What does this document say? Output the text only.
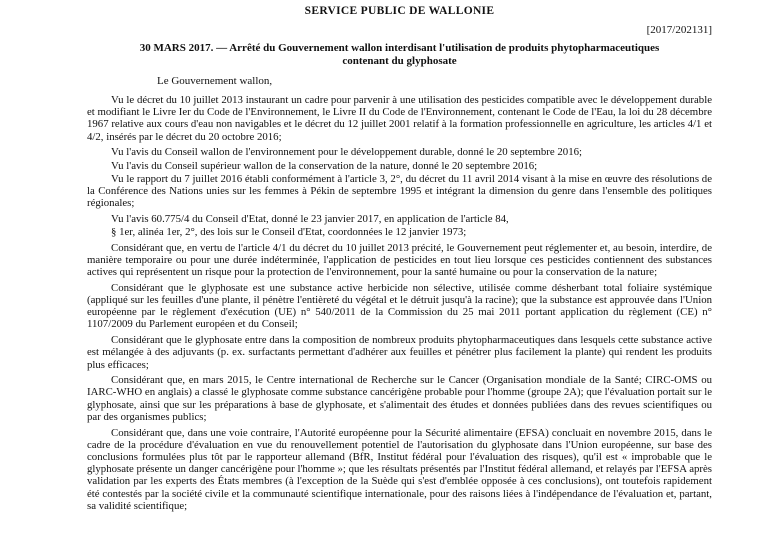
SERVICE PUBLIC DE WALLONIE
[2017/202131]
30 MARS 2017. — Arrêté du Gouvernement wallon interdisant l'utilisation de produits phytopharmaceutiques contenant du glyphosate
Le Gouvernement wallon,

Vu le décret du 10 juillet 2013 instaurant un cadre pour parvenir à une utilisation des pesticides compatible avec le développement durable et modifiant le Livre Ier du Code de l'Environnement, le Livre II du Code de l'Environnement, contenant le Code de l'Eau, la loi du 28 décembre 1967 relative aux cours d'eau non navigables et le décret du 12 juillet 2001 relatif à la formation professionnelle en agriculture, les articles 4/1 et 4/2, insérés par le décret du 20 octobre 2016;

Vu l'avis du Conseil wallon de l'environnement pour le développement durable, donné le 20 septembre 2016;

Vu l'avis du Conseil supérieur wallon de la conservation de la nature, donné le 20 septembre 2016;

Vu le rapport du 7 juillet 2016 établi conformément à l'article 3, 2°, du décret du 11 avril 2014 visant à la mise en œuvre des résolutions de la Conférence des Nations unies sur les femmes à Pékin de septembre 1995 et intégrant la dimension du genre dans l'ensemble des politiques régionales;

Vu l'avis 60.775/4 du Conseil d'Etat, donné le 23 janvier 2017, en application de l'article 84,

§ 1er, alinéa 1er, 2°, des lois sur le Conseil d'Etat, coordonnées le 12 janvier 1973;

Considérant que, en vertu de l'article 4/1 du décret du 10 juillet 2013 précité, le Gouvernement peut réglementer et, au besoin, interdire, de manière temporaire ou pour une durée indéterminée, l'application de pesticides en tout lieu lorsque ces pesticides contiennent des substances actives qui représentent un risque pour la protection de l'environnement, pour la santé humaine ou pour la conservation de la nature;

Considérant que le glyphosate est une substance active herbicide non sélective, utilisée comme désherbant total foliaire systémique (appliqué sur les feuilles d'une plante, il pénètre l'entièreté du végétal et le détruit jusqu'à la racine); que la substance est approuvée dans l'Union européenne par le règlement d'exécution (UE) n° 540/2011 de la Commission du 25 mai 2011 portant application du règlement (CE) n° 1107/2009 du Parlement européen et du Conseil;

Considérant que le glyphosate entre dans la composition de nombreux produits phytopharmaceutiques dans lesquels cette substance active est mélangée à des adjuvants (p. ex. surfactants permettant d'adhérer aux feuilles et pénétrer plus facilement la plante) qui rendent les produits plus efficaces;

Considérant que, en mars 2015, le Centre international de Recherche sur le Cancer (Organisation mondiale de la Santé; CIRC-OMS ou IARC-WHO en anglais) a classé le glyphosate comme substance cancérigène probable pour l'homme (groupe 2A); que l'évaluation portait sur le glyphosate, ainsi que sur les préparations à base de glyphosate, et s'alimentait des études et données publiées dans des revues scientifiques ou par des organismes publics;

Considérant que, dans une voie contraire, l'Autorité européenne pour la Sécurité alimentaire (EFSA) concluait en novembre 2015, dans le cadre de la procédure d'évaluation en vue du renouvellement potentiel de l'autorisation du glyphosate dans l'Union européenne, sur base des conclusions formulées plus tôt par le rapporteur allemand (BfR, Institut fédéral pour l'évaluation des risques), qu'il est « improbable que le glyphosate présente un danger cancérigène pour l'homme »; que les résultats présentés par l'Institut fédéral allemand, et relayés par l'EFSA après validation par les experts des États membres (à l'exception de la Suède qui s'est d'emblée opposée à ces conclusions), ont toutefois rapidement été contestés par la société civile et la communauté scientifique internationale, pour des raisons liées à l'indépendance de l'évaluation et, partant, sa validité scientifique;
